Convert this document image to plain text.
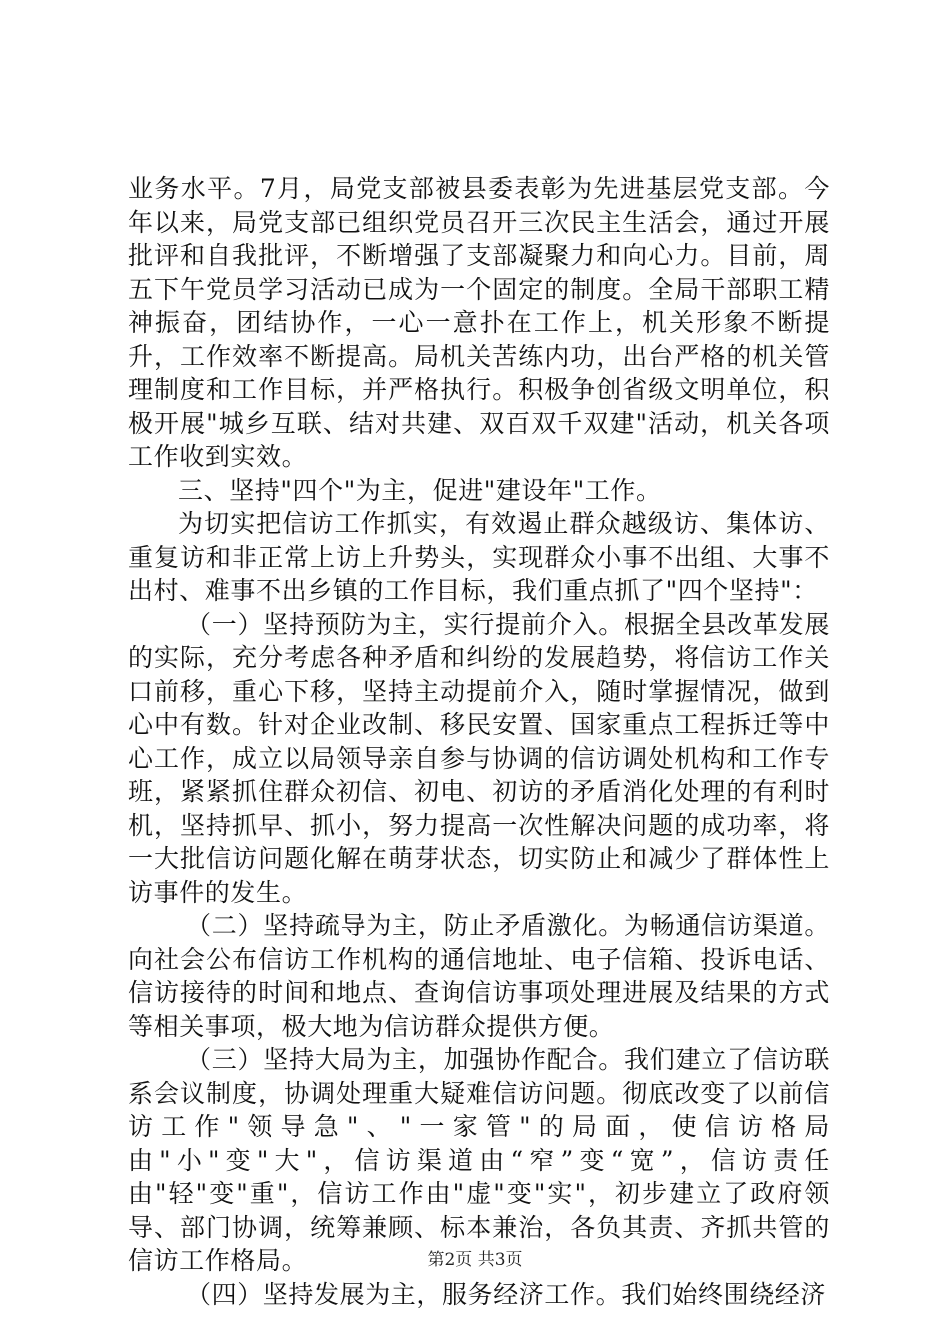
业务水平。7月，局党支部被县委表彰为先进基层党支部。今年以来，局党支部已组织党员召开三次民主生活会，通过开展批评和自我批评，不断增强了支部凝聚力和向心力。目前，周五下午党员学习活动已成为一个固定的制度。全局干部职工精神振奋，团结协作，一心一意扑在工作上，机关形象不断提升，工作效率不断提高。局机关苦练内功，出台严格的机关管理制度和工作目标，并严格执行。积极争创省级文明单位，积极开展"城乡互联、结对共建、双百双千双建"活动，机关各项工作收到实效。

三、坚持"四个"为主，促进"建设年"工作。

为切实把信访工作抓实，有效遏止群众越级访、集体访、重复访和非正常上访上升势头，实现群众小事不出组、大事不出村、难事不出乡镇的工作目标，我们重点抓了"四个坚持"：

（一）坚持预防为主，实行提前介入。根据全县改革发展的实际，充分考虑各种矛盾和纠纷的发展趋势，将信访工作关口前移，重心下移，坚持主动提前介入，随时掌握情况，做到心中有数。针对企业改制、移民安置、国家重点工程拆迁等中心工作，成立以局领导亲自参与协调的信访调处机构和工作专班，紧紧抓住群众初信、初电、初访的矛盾消化处理的有利时机，坚持抓早、抓小，努力提高一次性解决问题的成功率，将一大批信访问题化解在萌芽状态，切实防止和减少了群体性上访事件的发生。

（二）坚持疏导为主，防止矛盾激化。为畅通信访渠道。向社会公布信访工作机构的通信地址、电子信箱、投诉电话、信访接待的时间和地点、查询信访事项处理进展及结果的方式等相关事项，极大地为信访群众提供方便。

（三）坚持大局为主，加强协作配合。我们建立了信访联系会议制度，协调处理重大疑难信访问题。彻底改变了以前信访工作"领导急"、"一家管"的局面，使信访格局由"小"变"大"，信访渠道由“窄”变“宽”，信访责任由"轻"变"重"，信访工作由"虚"变"实"，初步建立了政府领导、部门协调，统筹兼顾、标本兼治，各负其责、齐抓共管的信访工作格局。

（四）坚持发展为主，服务经济工作。我们始终围绕经济

第2页 共3页
